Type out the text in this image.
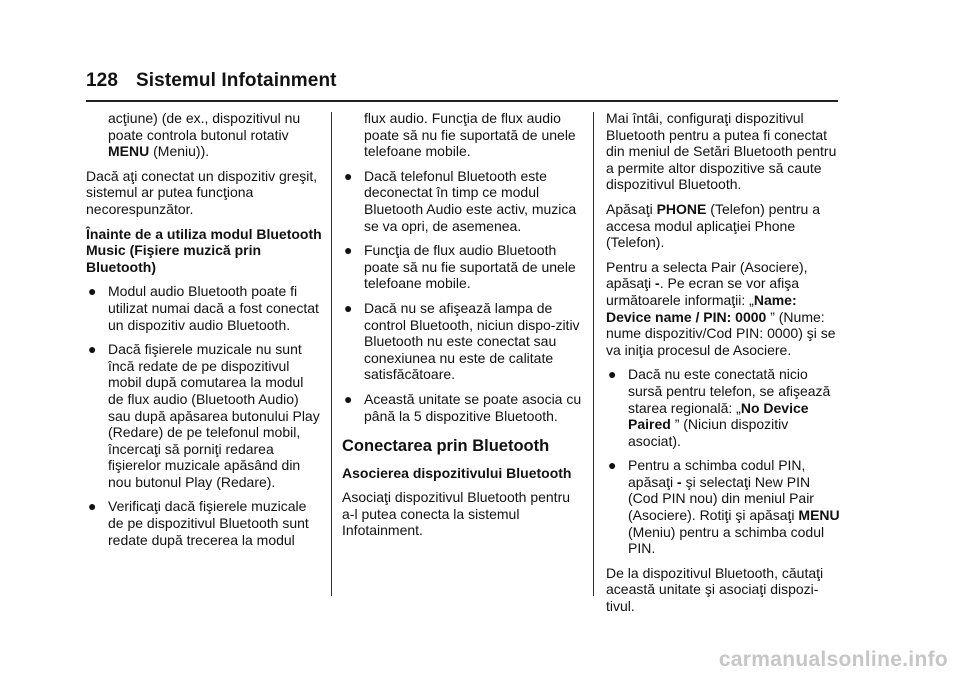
128 Sistemul Infotainment

acţiune) (de ex., dispozitivul nu poate controla butonul rotativ MENU (Meniu)).

Dacă aţi conectat un dispozitiv greşit, sistemul ar putea funcţiona necorespunzător.

Înainte de a utiliza modul Bluetooth Music (Fişiere muzică prin Bluetooth)

● Modul audio Bluetooth poate fi utilizat numai dacă a fost conectat un dispozitiv audio Bluetooth.
● Dacă fişierele muzicale nu sunt încă redate de pe dispozitivul mobil după comutarea la modul de flux audio (Bluetooth Audio) sau după apăsarea butonului Play (Redare) de pe telefonul mobil, încercaţi să porniţi redarea fişierelor muzicale apăsând din nou butonul Play (Redare).
● Verificaţi dacă fişierele muzicale de pe dispozitivul Bluetooth sunt redate după trecerea la modul

flux audio. Funcţia de flux audio poate să nu fie suportată de unele telefoane mobile.

● Dacă telefonul Bluetooth este deconectat în timp ce modul Bluetooth Audio este activ, muzica se va opri, de asemenea.
● Funcţia de flux audio Bluetooth poate să nu fie suportată de unele telefoane mobile.
● Dacă nu se afişează lampa de control Bluetooth, niciun dispo-zitiv Bluetooth nu este conectat sau conexiunea nu este de calitate satisfăcătoare.
● Această unitate se poate asocia cu până la 5 dispozitive Bluetooth.
Conectarea prin Bluetooth

Asocierea dispozitivului Bluetooth

Asociaţi dispozitivul Bluetooth pentru a-l putea conecta la sistemul Infotainment.

Mai întâi, configuraţi dispozitivul Bluetooth pentru a putea fi conectat din meniul de Setări Bluetooth pentru a permite altor dispozitive să caute dispozitivul Bluetooth.

Apăsaţi PHONE (Telefon) pentru a accesa modul aplicaţiei Phone (Telefon).

Pentru a selecta Pair (Asociere), apăsaţi -. Pe ecran se vor afişa următoarele informaţii: „Name: Device name / PIN: 0000 ” (Nume: nume dispozitiv/Cod PIN: 0000) şi se va iniţia procesul de Asociere.

● Dacă nu este conectată nicio sursă pentru telefon, se afişează starea regională: „No Device Paired ” (Niciun dispozitiv asociat).
● Pentru a schimba codul PIN, apăsaţi - şi selectaţi New PIN (Cod PIN nou) din meniul Pair (Asociere). Rotiţi şi apăsaţi MENU (Meniu) pentru a schimba codul PIN.

De la dispozitivul Bluetooth, căutaţi această unitate şi asociaţi dispozi-tivul.

carmanualsonline.info
